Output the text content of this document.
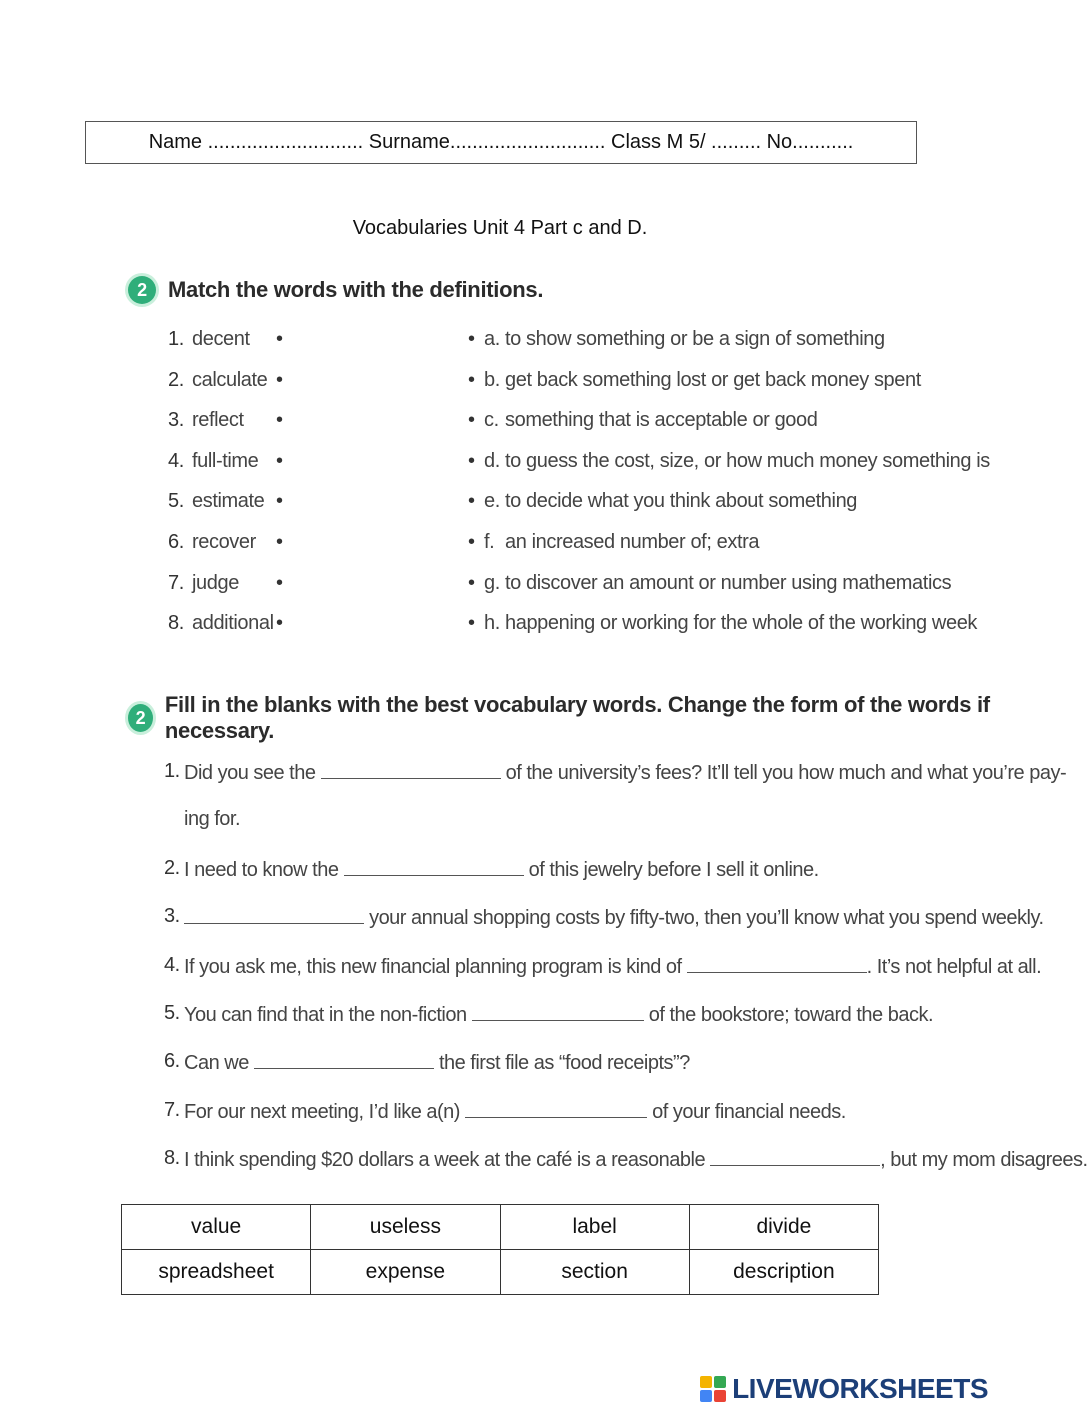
Name ............................ Surname............................ Class M 5/ ......... No...........
Vocabularies Unit 4 Part c and D.
2 Match the words with the definitions.
1. decent •	• a. to show something or be a sign of something
2. calculate •	• b. get back something lost or get back money spent
3. reflect •	• c. something that is acceptable or good
4. full-time •	• d. to guess the cost, size, or how much money something is
5. estimate •	• e. to decide what you think about something
6. recover •	• f. an increased number of; extra
7. judge •	• g. to discover an amount or number using mathematics
8. additional •	• h. happening or working for the whole of the working week
2
Fill in the blanks with the best vocabulary words. Change the form of the words if necessary.
1. Did you see the	of the university’s fees? It’ll tell you how much and what you’re pay-
ing for.
2. I need to know the	of this jewelry before I sell it online.
3.	your annual shopping costs by fifty-two, then you’ll know what you spend weekly.
4. If you ask me, this new financial planning program is kind of	. It’s not helpful at all.
5. You can find that in the non-fiction	of the bookstore; toward the back.
6. Can we	the first file as “food receipts”?
7. For our next meeting, I’d like a(n)	of your financial needs.
8. I think spending $20 dollars a week at the café is a reasonable	, but my mom disagrees.
value	useless	label	divide
spreadsheet	expense	section	description
LIVEWORKSHEETS
